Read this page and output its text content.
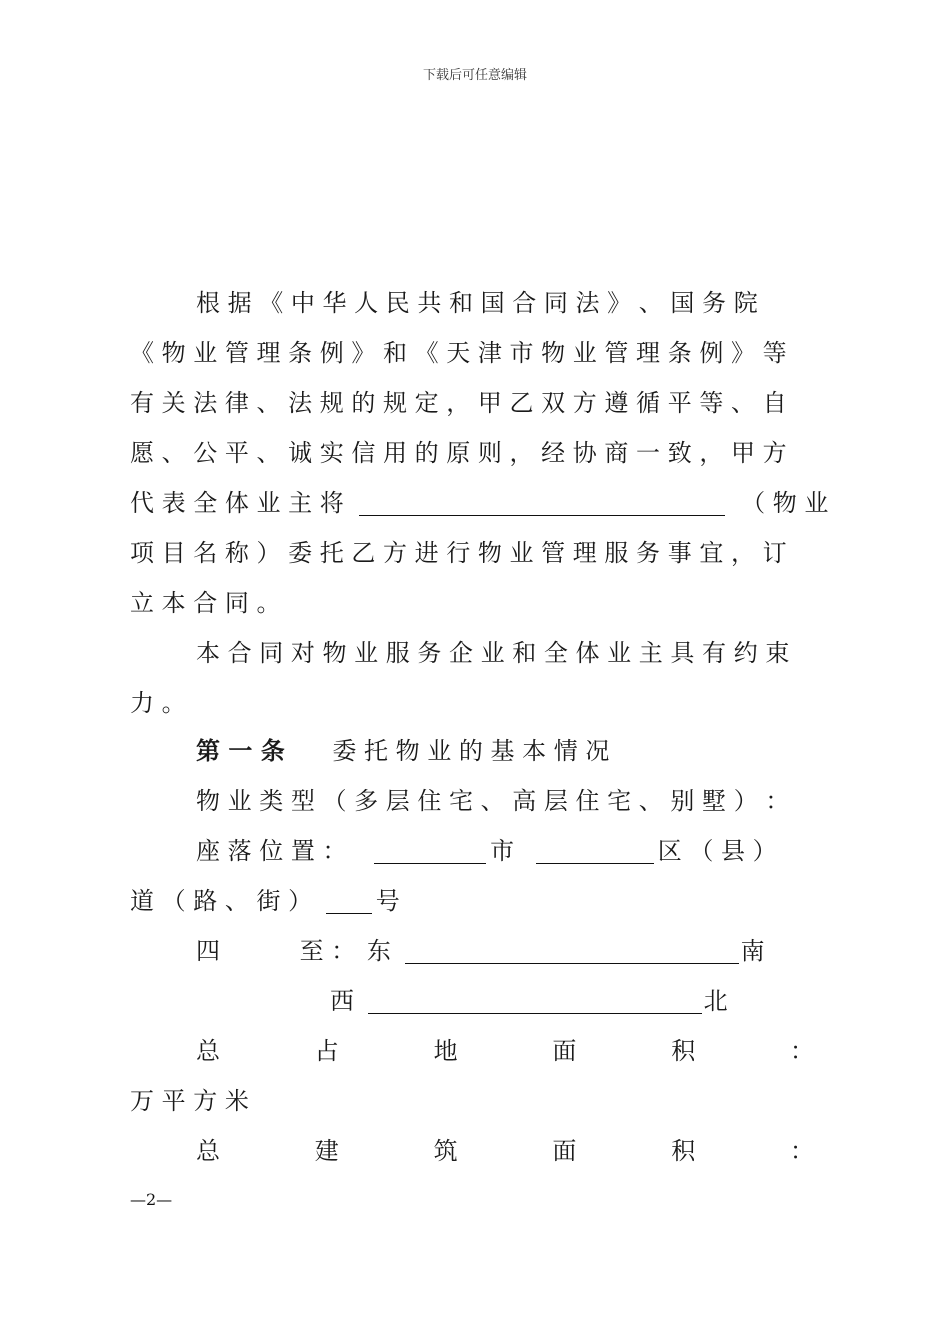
下载后可任意编辑
根 据 《 中 华 人 民 共 和 国 合 同 法 》 、 国 务 院
《 物 业 管 理 条 例 》 和 《 天 津 市 物 业 管 理 条 例 》 等
有 关 法 律 、 法 规 的 规 定 ， 甲 乙 双 方 遵 循 平 等 、 自
愿 、 公 平 、 诚 实 信 用 的 原 则 ， 经 协 商 一 致 ， 甲 方
代 表 全 体 业 主 将	（ 物 业
项 目 名 称 ） 委 托 乙 方 进 行 物 业 管 理 服 务 事 宜 ， 订
立 本 合 同 。
本 合 同 对 物 业 服 务 企 业 和 全 体 业 主 具 有 约 束
力 。
第 一 条 委 托 物 业 的 基 本 情 况
物 业 类 型 （ 多 层 住 宅 、 高 层 住 宅 、 别 墅 ） ：
座 落 位 置 ：	市	区 （ 县 ）
道 （ 路 、 街 ）	号
四	至 ： 东	南
西	北
总	占	地	面	积	：
万 平 方 米
总	建	筑	面	积	：
—2—
